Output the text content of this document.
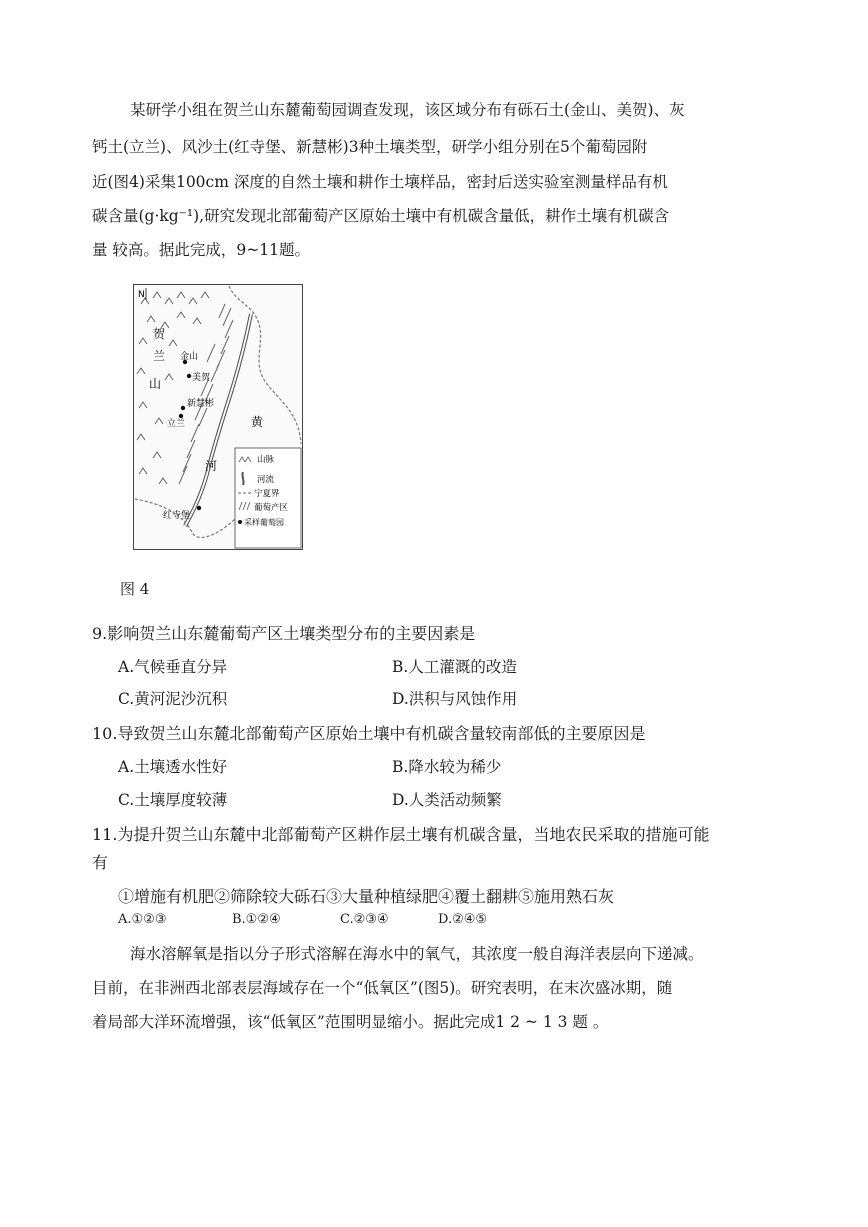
某研学小组在贺兰山东麓葡萄园调查发现，该区域分布有砾石土(金山、美贺)、灰
钙土(立兰)、风沙土(红寺堡、新慧彬)3种土壤类型，研学小组分别在5个葡萄园附
近(图4)采集100cm 深度的自然土壤和耕作土壤样品，密封后送实验室测量样品有机
碳含量(g·kg⁻¹),研究发现北部葡萄产区原始土壤中有机碳含量低，耕作土壤有机碳含
量 较高。据此完成，9~11题。
N
贺
兰
山
黄
河
金山
美贺
新慧彬
立兰
红寺堡
山脉
河流
宁夏界
葡萄产区
采样葡萄园
图 4
9.影响贺兰山东麓葡萄产区土壤类型分布的主要因素是
A.气候垂直分异	B.人工灌溉的改造
C.黄河泥沙沉积	D.洪积与风蚀作用
10.导致贺兰山东麓北部葡萄产区原始土壤中有机碳含量较南部低的主要原因是
A.土壤透水性好	B.降水较为稀少
C.土壤厚度较薄	D.人类活动频繁
11.为提升贺兰山东麓中北部葡萄产区耕作层土壤有机碳含量，当地农民采取的措施可能
有
①增施有机肥②筛除较大砾石③大量种植绿肥④覆土翻耕⑤施用熟石灰
A.①②③	B.①②④	C.②③④	D.②④⑤
海水溶解氧是指以分子形式溶解在海水中的氧气，其浓度一般自海洋表层向下递减。
目前，在非洲西北部表层海域存在一个“低氧区”(图5)。研究表明，在末次盛冰期，随
着局部大洋环流增强，该“低氧区”范围明显缩小。据此完成1 2 ~ 1 3 题 。
